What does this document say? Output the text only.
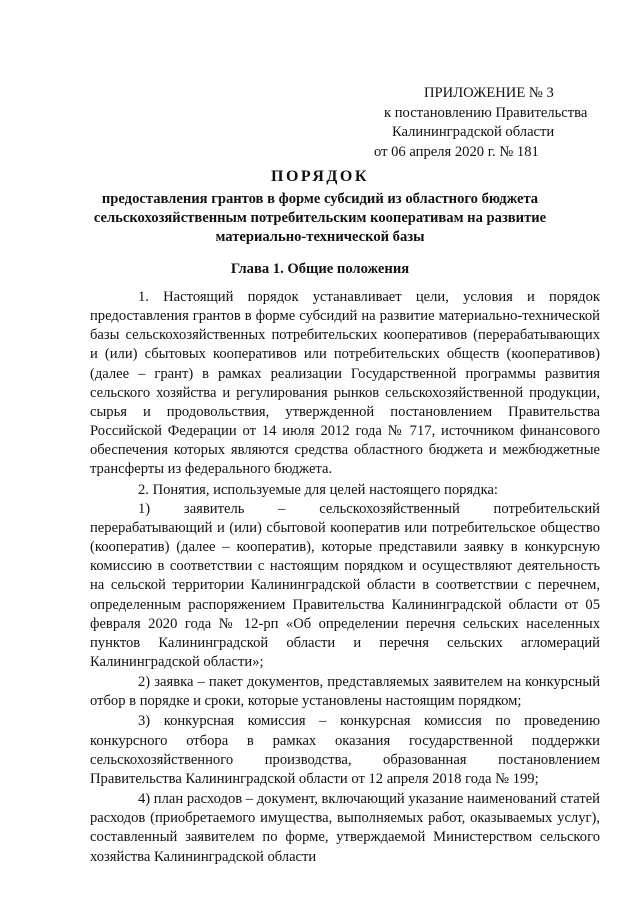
ПРИЛОЖЕНИЕ № 3
к постановлению Правительства
Калининградской области
от 06 апреля 2020 г. № 181
ПОРЯДОК
предоставления грантов в форме субсидий из областного бюджета сельскохозяйственным потребительским кооперативам на развитие материально-технической базы
Глава 1. Общие положения

1. Настоящий порядок устанавливает цели, условия и порядок предоставления грантов в форме субсидий на развитие материально-технической базы сельскохозяйственных потребительских кооперативов (перерабатывающих и (или) сбытовых кооперативов или потребительских обществ (кооперативов) (далее – грант) в рамках реализации Государственной программы развития сельского хозяйства и регулирования рынков сельскохозяйственной продукции, сырья и продовольствия, утвержденной постановлением Правительства Российской Федерации от 14 июля 2012 года № 717, источником финансового обеспечения которых являются средства областного бюджета и межбюджетные трансферты из федерального бюджета.

2. Понятия, используемые для целей настоящего порядка:

1) заявитель – сельскохозяйственный потребительский перерабатывающий и (или) сбытовой кооператив или потребительское общество (кооператив) (далее – кооператив), которые представили заявку в конкурсную комиссию в соответствии с настоящим порядком и осуществляют деятельность на сельской территории Калининградской области в соответствии с перечнем, определенным распоряжением Правительства Калининградской области от 05 февраля 2020 года № 12-рп «Об определении перечня сельских населенных пунктов Калининградской области и перечня сельских агломераций Калининградской области»;

2) заявка – пакет документов, представляемых заявителем на конкурсный отбор в порядке и сроки, которые установлены настоящим порядком;

3) конкурсная комиссия – конкурсная комиссия по проведению конкурсного отбора в рамках оказания государственной поддержки сельскохозяйственного производства, образованная постановлением Правительства Калининградской области от 12 апреля 2018 года № 199;

4) план расходов – документ, включающий указание наименований статей расходов (приобретаемого имущества, выполняемых работ, оказываемых услуг), составленный заявителем по форме, утверждаемой Министерством сельского хозяйства Калининградской области
